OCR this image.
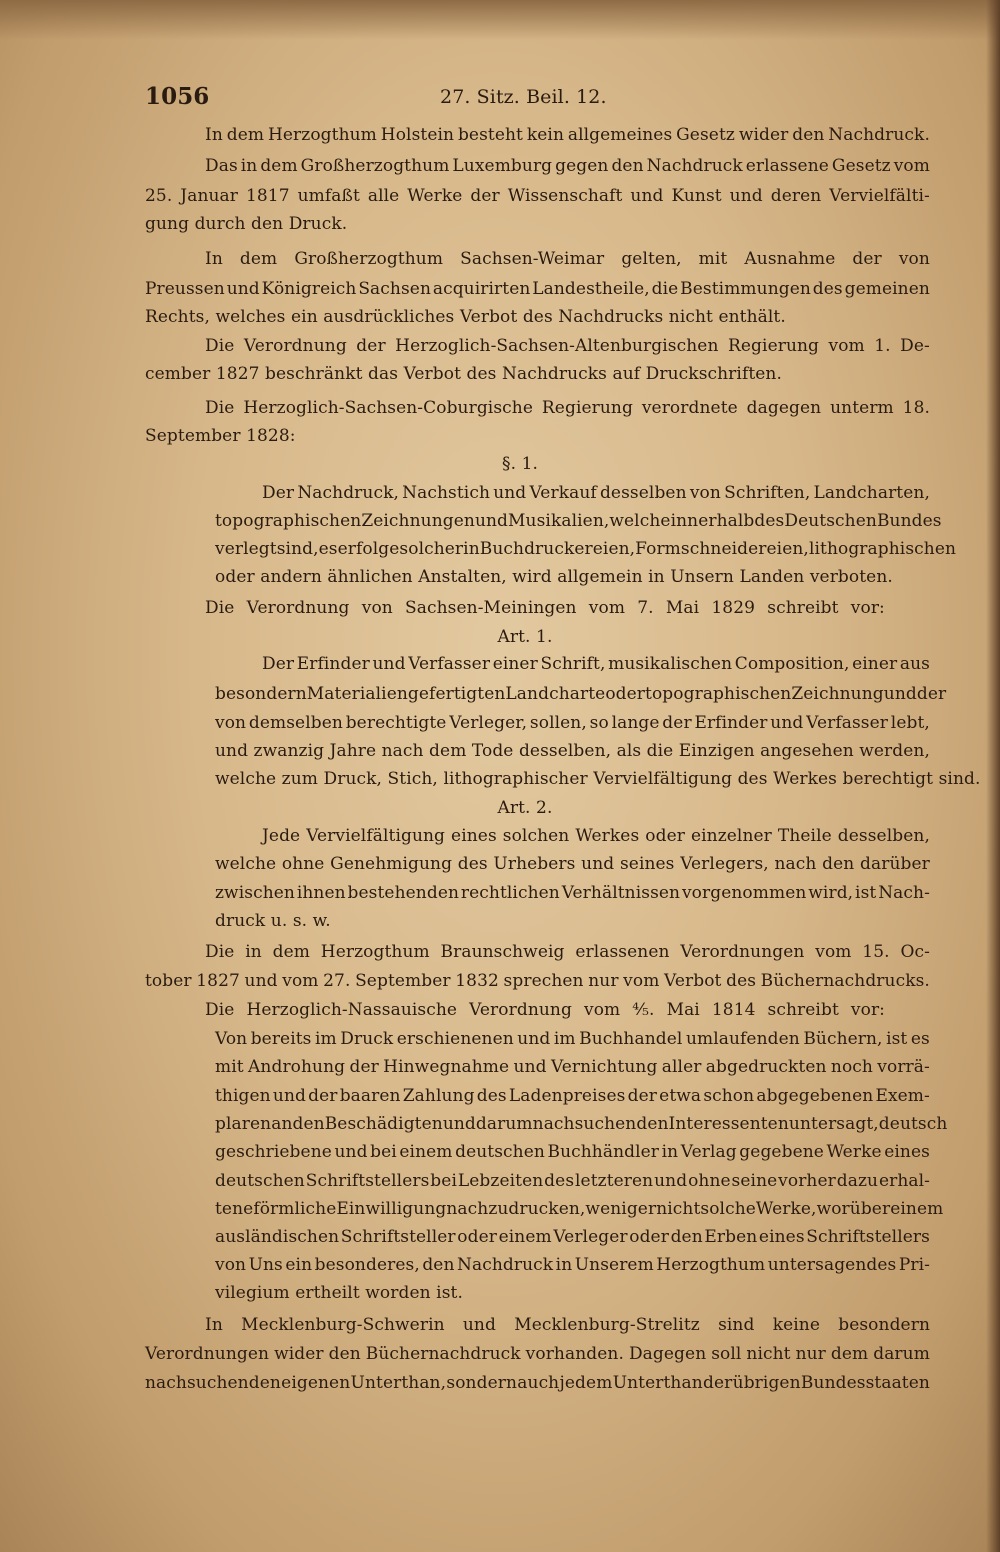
1056	27. Sitz. Beil. 12.
In dem Herzogthum Holstein besteht kein allgemeines Gesetz wider den Nachdruck.
Das in dem Großherzogthum Luxemburg gegen den Nachdruck erlassene Gesetz vom
25. Januar 1817 umfaßt alle Werke der Wissenschaft und Kunst und deren Vervielfälti-
gung durch den Druck.
In dem Großherzogthum Sachsen-Weimar gelten, mit Ausnahme der von
Preussen und Königreich Sachsen acquirirten Landestheile, die Bestimmungen des gemeinen
Rechts, welches ein ausdrückliches Verbot des Nachdrucks nicht enthält.
Die Verordnung der Herzoglich-Sachsen-Altenburgischen Regierung vom 1. De-
cember 1827 beschränkt das Verbot des Nachdrucks auf Druckschriften.
Die Herzoglich-Sachsen-Coburgische Regierung verordnete dagegen unterm 18.
September 1828:
§. 1.
Der Nachdruck, Nachstich und Verkauf desselben von Schriften, Landcharten,
topographischen Zeichnungen und Musikalien, welche innerhalb des Deutschen Bundes
verlegt sind, es erfolge solcher in Buchdruckereien, Formschneidereien, lithographischen
oder andern ähnlichen Anstalten, wird allgemein in Unsern Landen verboten.
Die Verordnung von Sachsen-Meiningen vom 7. Mai 1829 schreibt vor:
Art. 1.
Der Erfinder und Verfasser einer Schrift, musikalischen Composition, einer aus
besondern Materialien gefertigten Landcharte oder topographischen Zeichnung und der
von demselben berechtigte Verleger, sollen, so lange der Erfinder und Verfasser lebt,
und zwanzig Jahre nach dem Tode desselben, als die Einzigen angesehen werden,
welche zum Druck, Stich, lithographischer Vervielfältigung des Werkes berechtigt sind.
Art. 2.
Jede Vervielfältigung eines solchen Werkes oder einzelner Theile desselben,
welche ohne Genehmigung des Urhebers und seines Verlegers, nach den darüber
zwischen ihnen bestehenden rechtlichen Verhältnissen vorgenommen wird, ist Nach-
druck u. s. w.
Die in dem Herzogthum Braunschweig erlassenen Verordnungen vom 15. Oc-
tober 1827 und vom 27. September 1832 sprechen nur vom Verbot des Büchernachdrucks.
Die Herzoglich-Nassauische Verordnung vom ⁴⁄₅. Mai 1814 schreibt vor:
Von bereits im Druck erschienenen und im Buchhandel umlaufenden Büchern, ist es
mit Androhung der Hinwegnahme und Vernichtung aller abgedruckten noch vorrä-
thigen und der baaren Zahlung des Ladenpreises der etwa schon abgegebenen Exem-
plaren an den Beschädigten und darum nachsuchenden Interessenten untersagt, deutsch
geschriebene und bei einem deutschen Buchhändler in Verlag gegebene Werke eines
deutschen Schriftstellers bei Lebzeiten des letzteren und ohne seine vorher dazu erhal-
tene förmliche Einwilligung nachzudrucken, weniger nicht solche Werke, worüber einem
ausländischen Schriftsteller oder einem Verleger oder den Erben eines Schriftstellers
von Uns ein besonderes, den Nachdruck in Unserem Herzogthum untersagendes Pri-
vilegium ertheilt worden ist.
In Mecklenburg-Schwerin und Mecklenburg-Strelitz sind keine besondern
Verordnungen wider den Büchernachdruck vorhanden. Dagegen soll nicht nur dem darum
nachsuchenden eigenen Unterthan, sondern auch jedem Unterthan der übrigen Bundesstaaten
